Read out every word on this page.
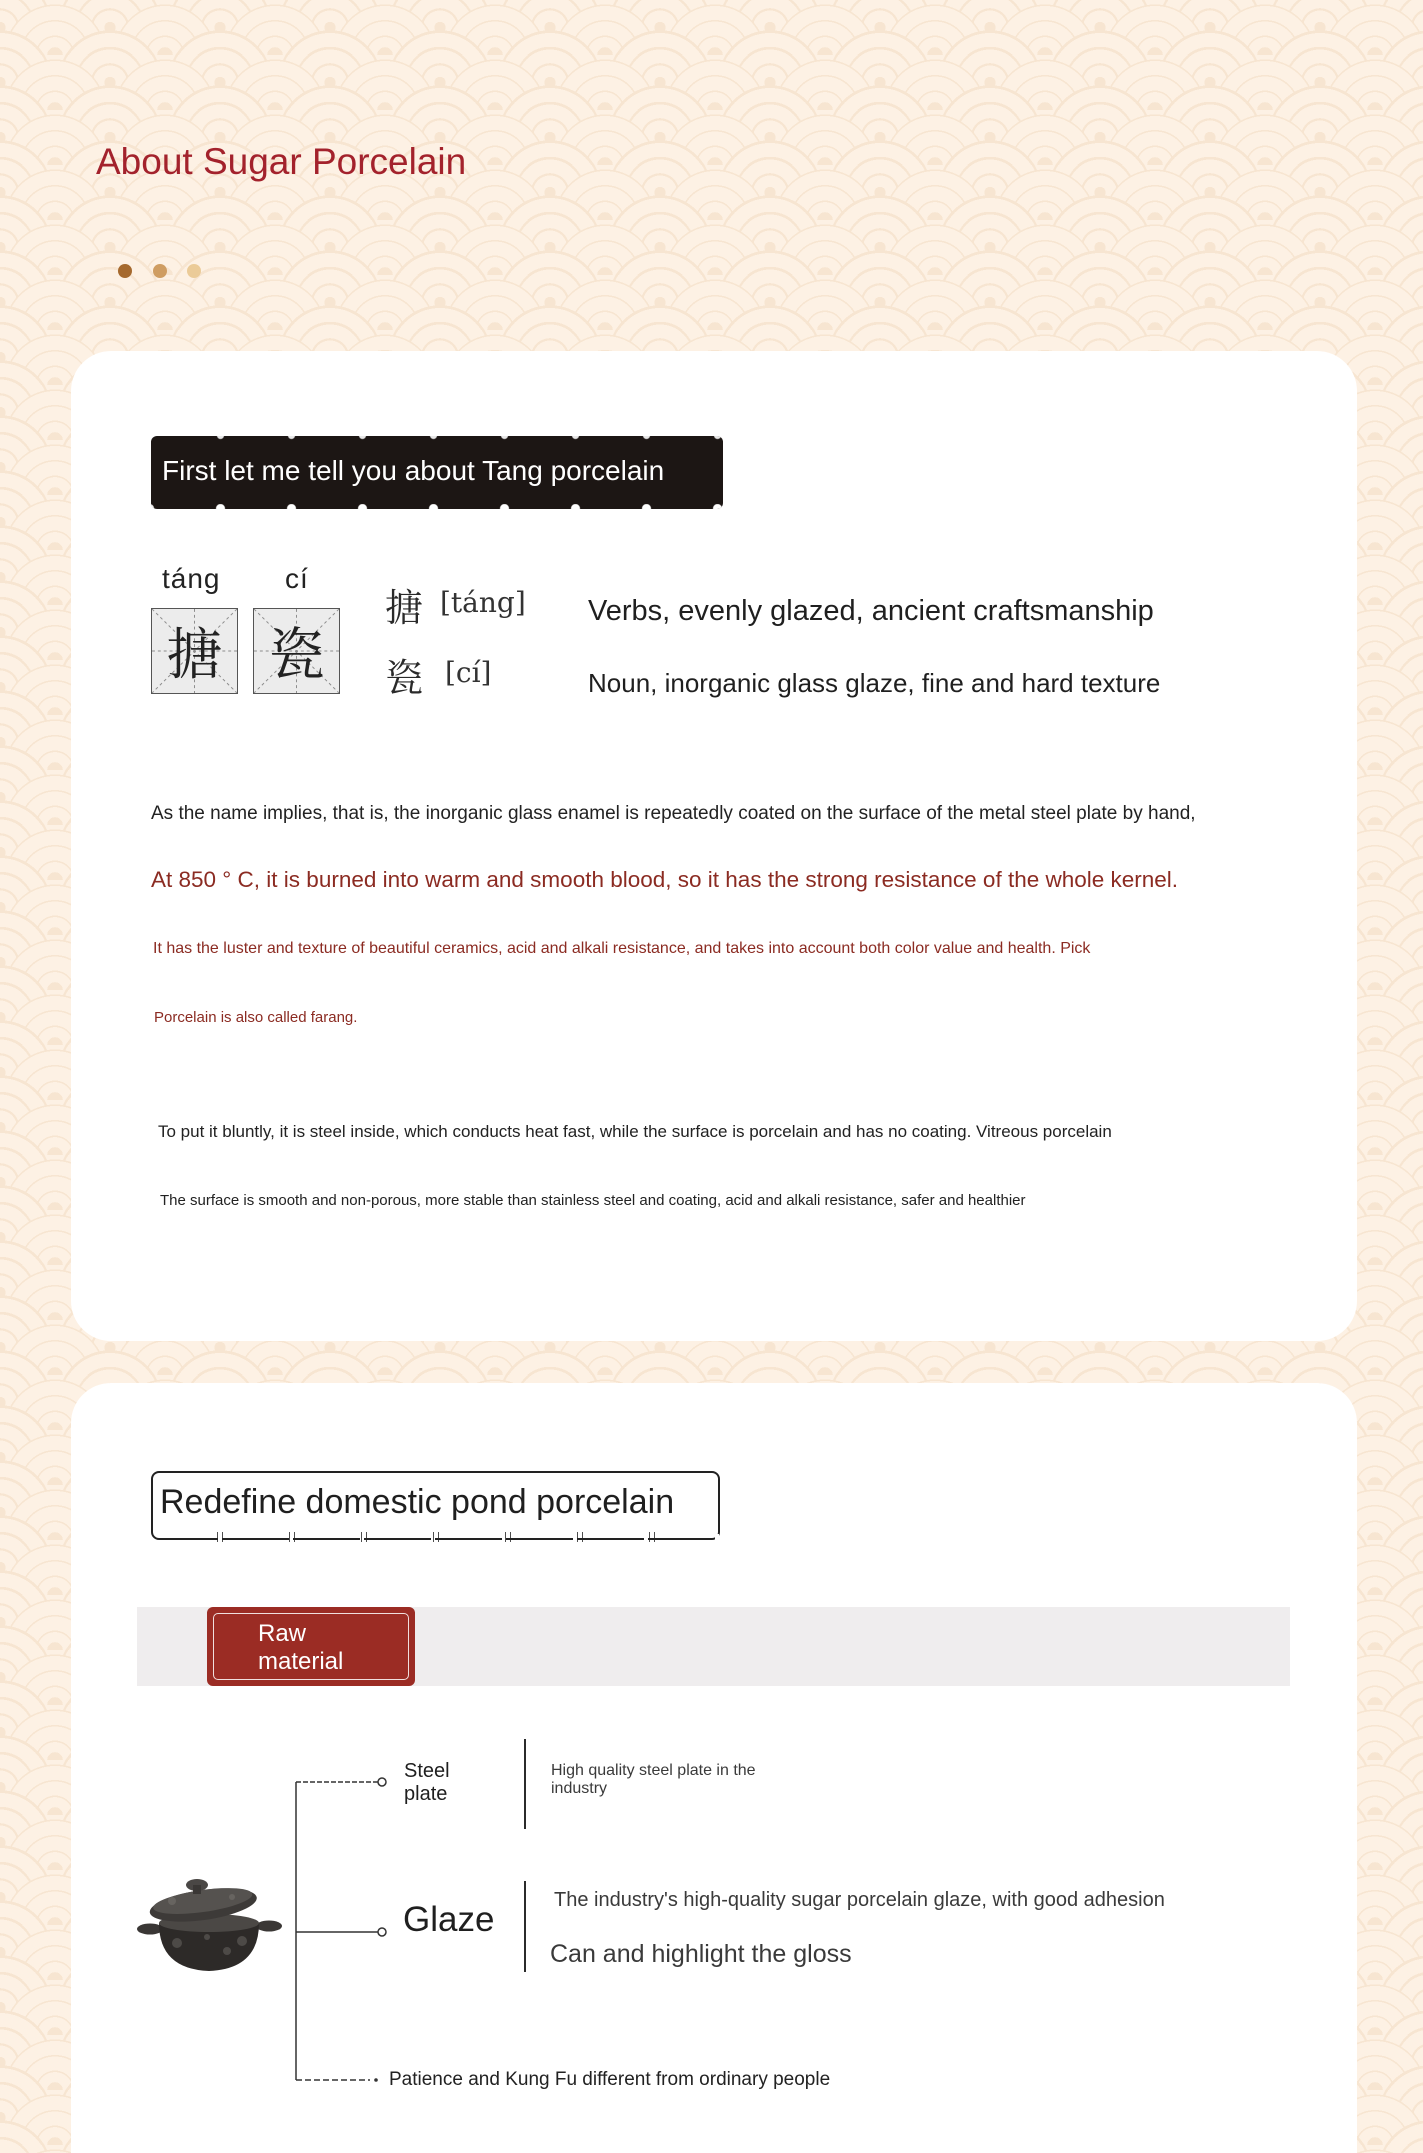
About Sugar Porcelain
First let me tell you about Tang porcelain
táng cí
搪 瓷
搪 [táng]
瓷 [cí]
Verbs, evenly glazed, ancient craftsmanship
Noun, inorganic glass glaze, fine and hard texture
As the name implies, that is, the inorganic glass enamel is repeatedly coated on the surface of the metal steel plate by hand,
At 850 ° C, it is burned into warm and smooth blood, so it has the strong resistance of the whole kernel.
It has the luster and texture of beautiful ceramics, acid and alkali resistance, and takes into account both color value and health. Pick
Porcelain is also called farang.
To put it bluntly, it is steel inside, which conducts heat fast, while the surface is porcelain and has no coating. Vitreous porcelain
The surface is smooth and non-porous, more stable than stainless steel and coating, acid and alkali resistance, safer and healthier
Redefine domestic pond porcelain
Raw material
Steel plate
High quality steel plate in the industry
Glaze	The industry's high-quality sugar porcelain glaze, with good adhesion
Can and highlight the gloss
Patience and Kung Fu different from ordinary people
